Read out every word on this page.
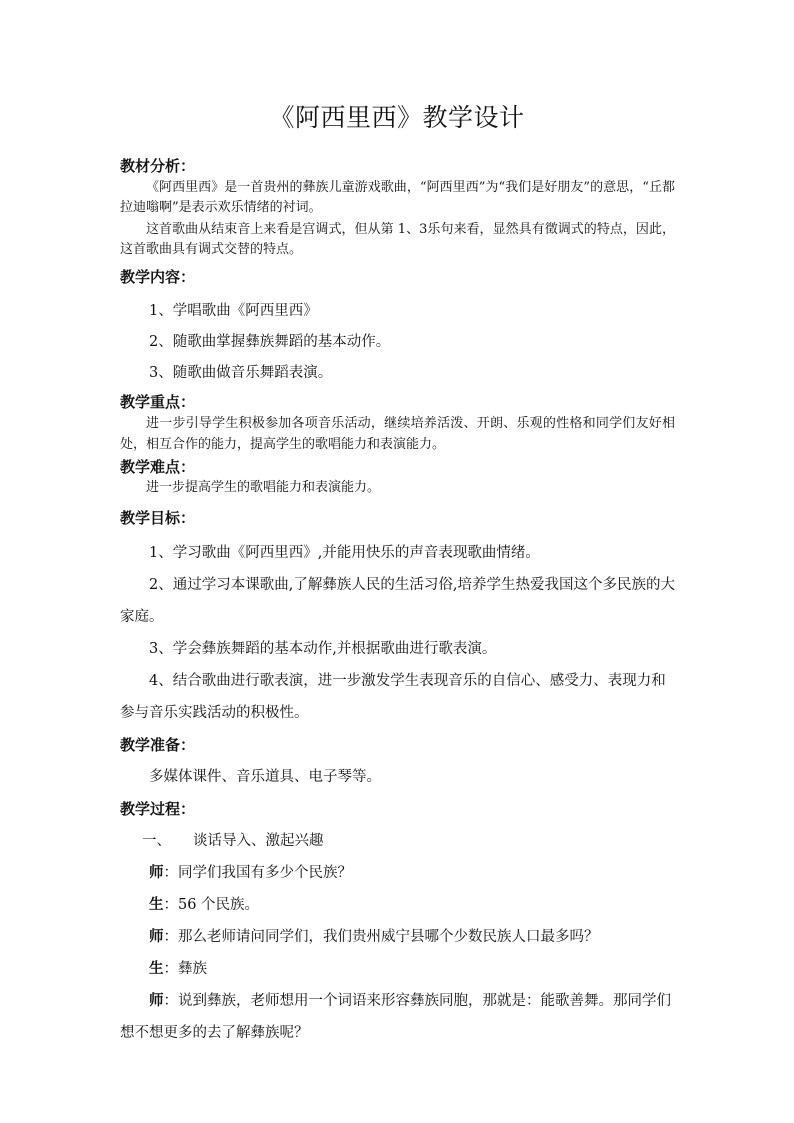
《阿西里西》教学设计

教材分析：

《阿西里西》是一首贵州的彝族儿童游戏歌曲，“阿西里西”为“我们是好朋友”的意思，“丘都拉迪嗡啊”是表示欢乐情绪的衬词。

这首歌曲从结束音上来看是宫调式，但从第 1、3乐句来看，显然具有徵调式的特点，因此，这首歌曲具有调式交替的特点。

教学内容：

1、学唱歌曲《阿西里西》

2、随歌曲掌握彝族舞蹈的基本动作。

3、随歌曲做音乐舞蹈表演。

教学重点：

进一步引导学生积极参加各项音乐活动，继续培养活泼、开朗、乐观的性格和同学们友好相处，相互合作的能力，提高学生的歌唱能力和表演能力。

教学难点：

进一步提高学生的歌唱能力和表演能力。

教学目标：

1、学习歌曲《阿西里西》,并能用快乐的声音表现歌曲情绪。

2、通过学习本课歌曲,了解彝族人民的生活习俗,培养学生热爱我国这个多民族的大家庭。

3、学会彝族舞蹈的基本动作,并根据歌曲进行歌表演。

4、结合歌曲进行歌表演，进一步激发学生表现音乐的自信心、感受力、表现力和参与音乐实践活动的积极性。

教学准备：

多媒体课件、音乐道具、电子琴等。

教学过程：

一、 谈话导入、激起兴趣

师：同学们我国有多少个民族？

生：56 个民族。

师：那么老师请问同学们，我们贵州威宁县哪个少数民族人口最多吗？

生：彝族

师：说到彝族，老师想用一个词语来形容彝族同胞，那就是：能歌善舞。那同学们想不想更多的去了解彝族呢？
